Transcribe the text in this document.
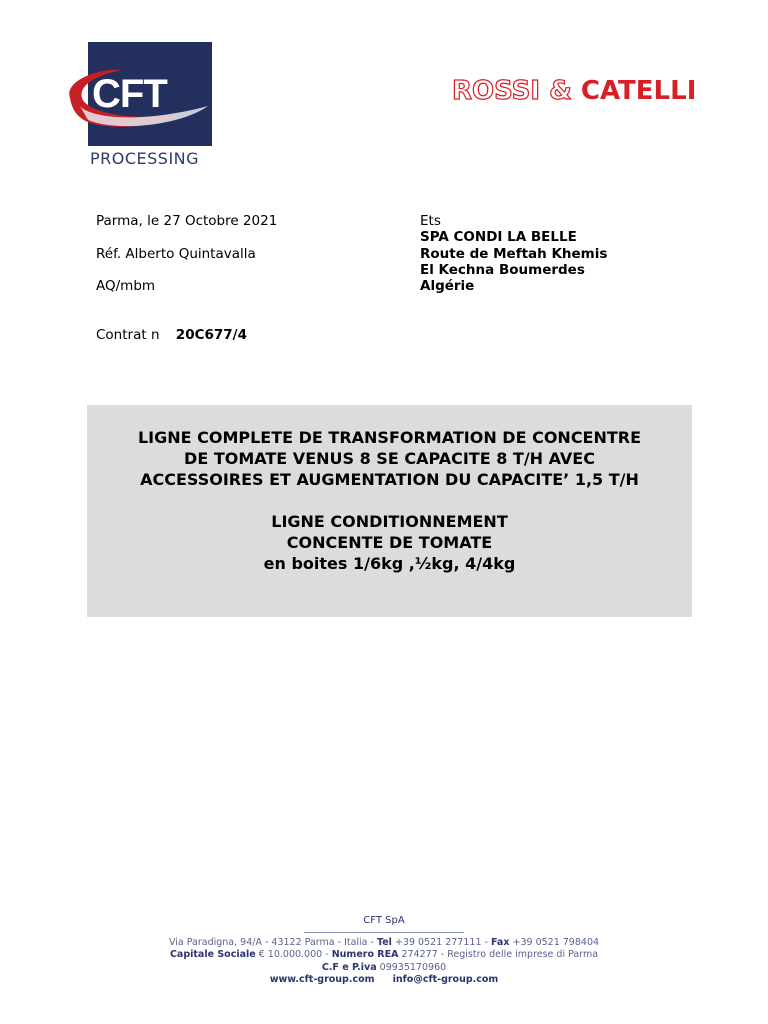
CFT
PROCESSING
ROSSI & CATELLI
Parma, le 27 Octobre 2021
Réf. Alberto Quintavalla
AQ/mbm
Ets
SPA CONDI LA BELLE
Route de Meftah Khemis
El Kechna Boumerdes
Algérie
Contrat n 20C677/4
LIGNE COMPLETE DE TRANSFORMATION DE CONCENTRE
DE TOMATE VENUS 8 SE CAPACITE 8 T/H AVEC
ACCESSOIRES ET AUGMENTATION DU CAPACITE’ 1,5 T/H
LIGNE CONDITIONNEMENT
CONCENTE DE TOMATE
en boites 1/6kg ,½kg, 4/4kg
CFT SpA
Via Paradigna, 94/A - 43122 Parma - Italia - Tel +39 0521 277111 - Fax +39 0521 798404
Capitale Sociale € 10.000.000 - Numero REA 274277 - Registro delle imprese di Parma
C.F e P.iva 09935170960
www.cft-group.com info@cft-group.com
